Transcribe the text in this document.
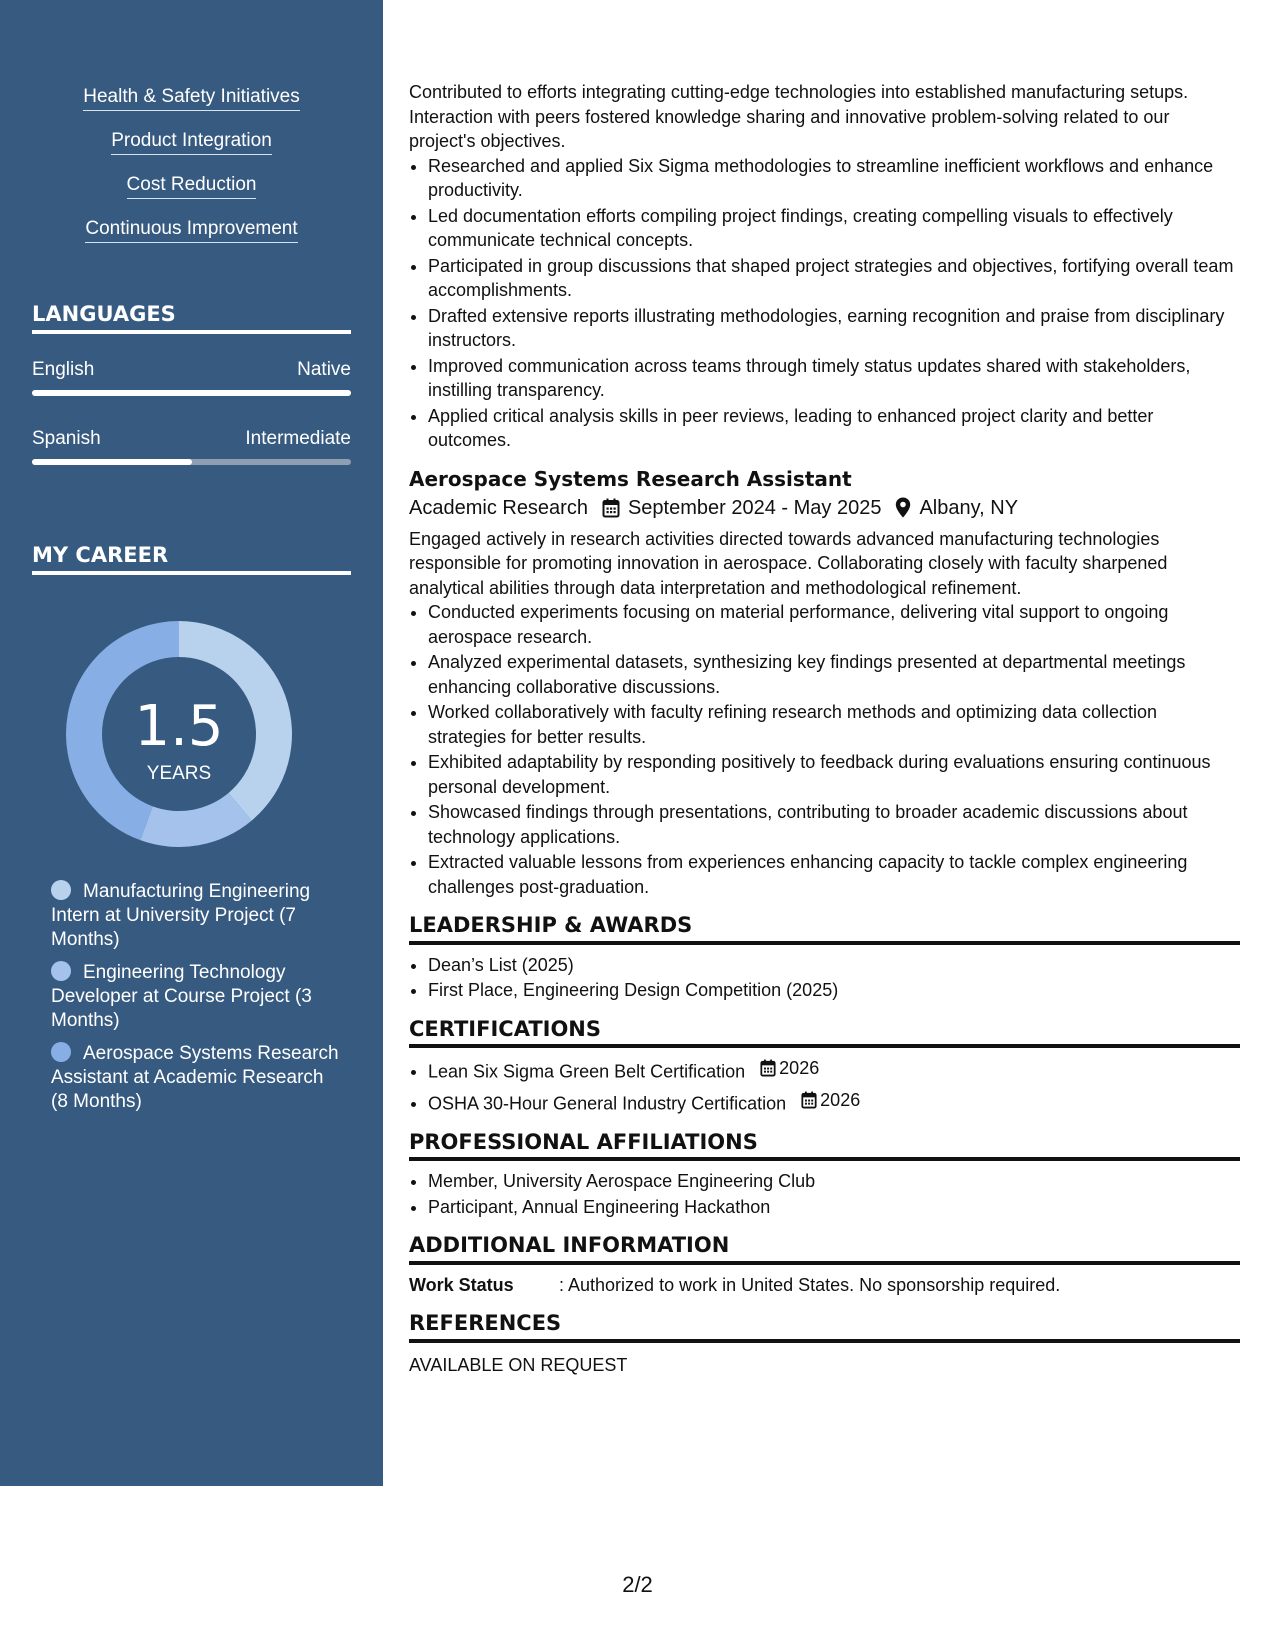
Health & Safety Initiatives
Product Integration
Cost Reduction
Continuous Improvement
LANGUAGES
English	Native
Spanish	Intermediate
MY CAREER
1.5
YEARS
Manufacturing Engineering Intern at University Project (7 Months)
Engineering Technology Developer at Course Project (3 Months)
Aerospace Systems Research Assistant at Academic Research (8 Months)

Contributed to efforts integrating cutting-edge technologies into established manufacturing setups. Interaction with peers fostered knowledge sharing and innovative problem-solving related to our project's objectives.

• Researched and applied Six Sigma methodologies to streamline inefficient workflows and enhance productivity.
• Led documentation efforts compiling project findings, creating compelling visuals to effectively communicate technical concepts.
• Participated in group discussions that shaped project strategies and objectives, fortifying overall team accomplishments.
• Drafted extensive reports illustrating methodologies, earning recognition and praise from disciplinary instructors.
• Improved communication across teams through timely status updates shared with stakeholders, instilling transparency.
• Applied critical analysis skills in peer reviews, leading to enhanced project clarity and better outcomes.
Aerospace Systems Research Assistant
Academic Research September 2024 - May 2025 Albany, NY

Engaged actively in research activities directed towards advanced manufacturing technologies responsible for promoting innovation in aerospace. Collaborating closely with faculty sharpened analytical abilities through data interpretation and methodological refinement.

• Conducted experiments focusing on material performance, delivering vital support to ongoing aerospace research.
• Analyzed experimental datasets, synthesizing key findings presented at departmental meetings enhancing collaborative discussions.
• Worked collaboratively with faculty refining research methods and optimizing data collection strategies for better results.
• Exhibited adaptability by responding positively to feedback during evaluations ensuring continuous personal development.
• Showcased findings through presentations, contributing to broader academic discussions about technology applications.
• Extracted valuable lessons from experiences enhancing capacity to tackle complex engineering challenges post-graduation.
LEADERSHIP & AWARDS
• Dean’s List (2025)
• First Place, Engineering Design Competition (2025)
CERTIFICATIONS
• Lean Six Sigma Green Belt Certification 2026
• OSHA 30-Hour General Industry Certification 2026
PROFESSIONAL AFFILIATIONS
• Member, University Aerospace Engineering Club
• Participant, Annual Engineering Hackathon
ADDITIONAL INFORMATION
Work Status	: Authorized to work in United States. No sponsorship required.
REFERENCES

AVAILABLE ON REQUEST

2/2
